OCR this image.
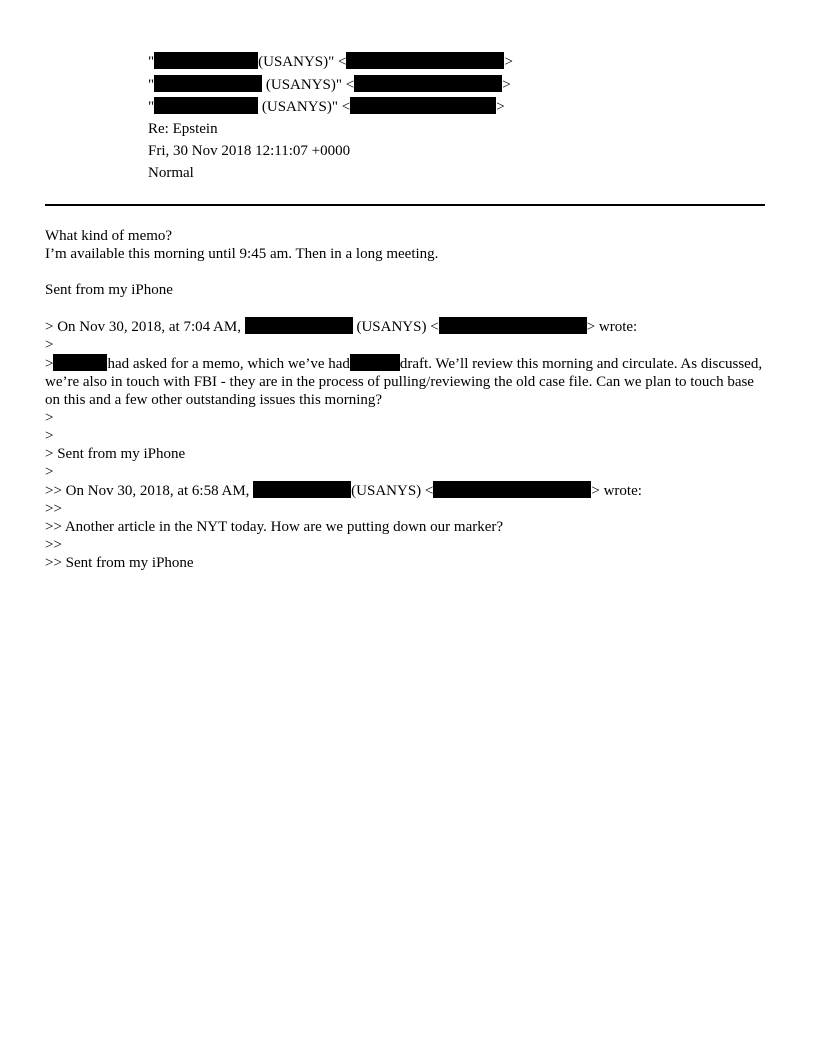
"	(USANYS)" <	>
"	(USANYS)" <	>
"	(USANYS)" <	>
Re: Epstein
Fri, 30 Nov 2018 12:11:07 +0000
Normal
What kind of memo?
I’m available this morning until 9:45 am. Then in a long meeting.
Sent from my iPhone
> On Nov 30, 2018, at 7:04 AM,	(USANYS) <	> wrote:
>
>	had asked for a memo, which we’ve had	draft. We’ll review this morning and circulate. As discussed, we’re also in touch with FBI - they are in the process of pulling/reviewing the old case file. Can we plan to touch base on this and a few other outstanding issues this morning?
>
>
> Sent from my iPhone
>
>> On Nov 30, 2018, at 6:58 AM,	(USANYS) <	> wrote:
>>
>> Another article in the NYT today. How are we putting down our marker?
>>
>> Sent from my iPhone
